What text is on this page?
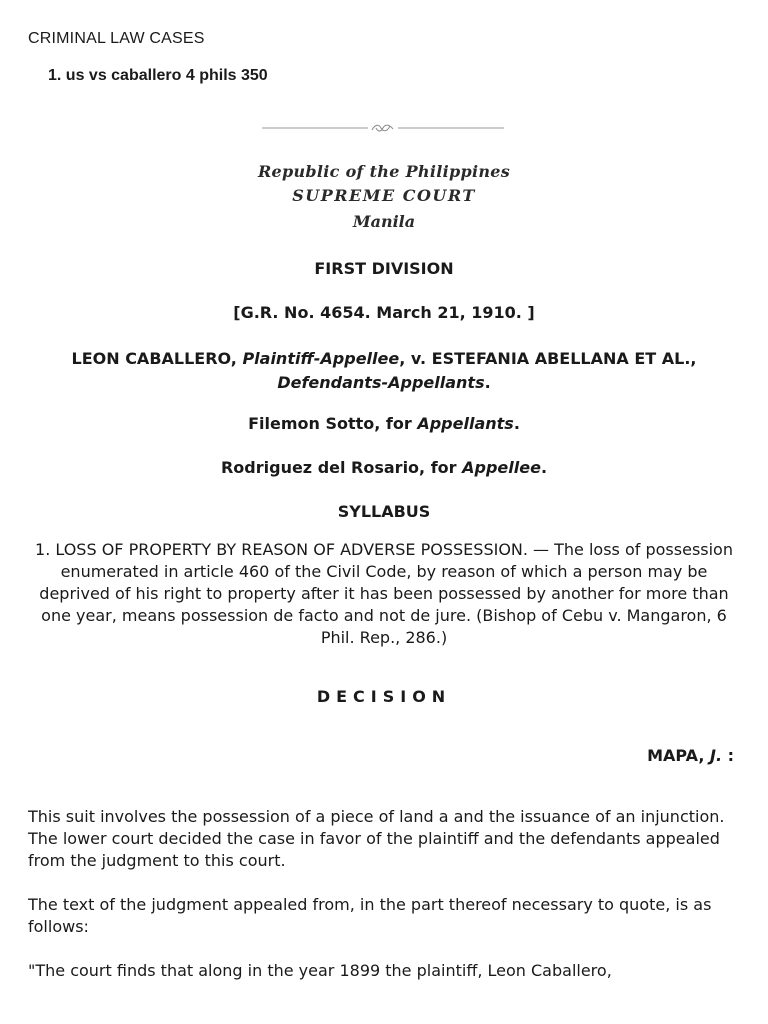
CRIMINAL LAW CASES
1. us vs caballero 4 phils 350
Republic of the Philippines
SUPREME COURT
Manila
FIRST DIVISION
[G.R. No. 4654. March 21, 1910. ]
LEON CABALLERO, Plaintiff-Appellee, v. ESTEFANIA ABELLANA ET AL., Defendants-Appellants.
Filemon Sotto, for Appellants.
Rodriguez del Rosario, for Appellee.
SYLLABUS
1. LOSS OF PROPERTY BY REASON OF ADVERSE POSSESSION. — The loss of possession enumerated in article 460 of the Civil Code, by reason of which a person may be deprived of his right to property after it has been possessed by another for more than one year, means possession de facto and not de jure. (Bishop of Cebu v. Mangaron, 6 Phil. Rep., 286.)
DECISION
MAPA, J. :
This suit involves the possession of a piece of land a and the issuance of an injunction. The lower court decided the case in favor of the plaintiff and the defendants appealed from the judgment to this court.
The text of the judgment appealed from, in the part thereof necessary to quote, is as follows:
"The court finds that along in the year 1899 the plaintiff, Leon Caballero,
